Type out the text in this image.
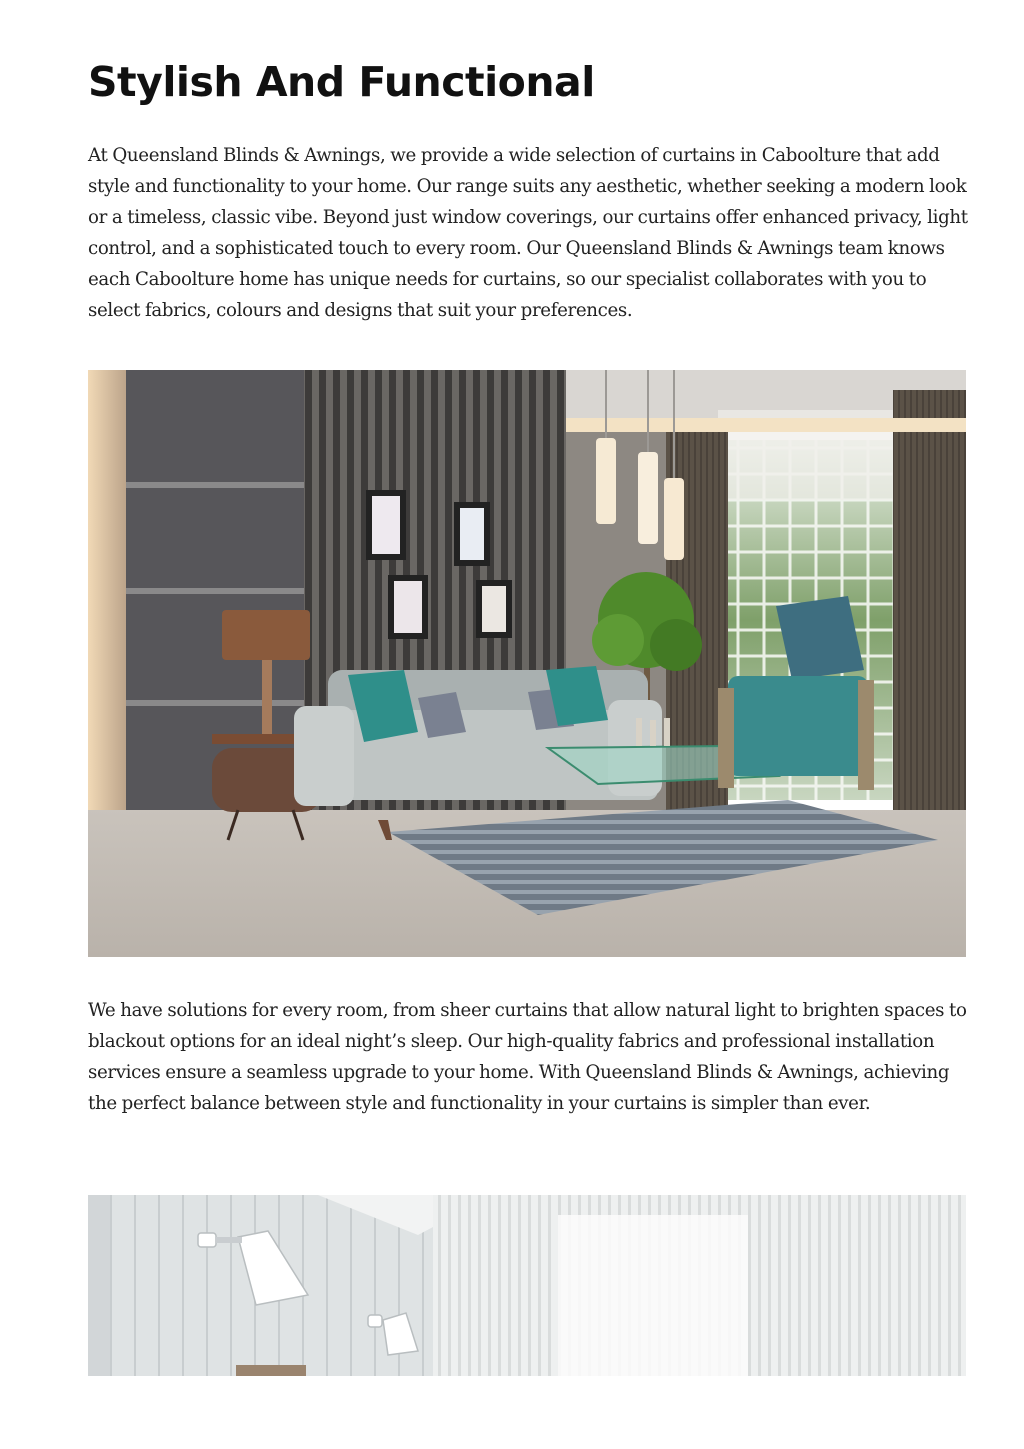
Stylish And Functional

At Queensland Blinds & Awnings, we provide a wide selection of curtains in Caboolture that add style and functionality to your home. Our range suits any aesthetic, whether seeking a modern look or a timeless, classic vibe. Beyond just window coverings, our curtains offer enhanced privacy, light control, and a sophisticated touch to every room. Our Queensland Blinds & Awnings team knows each Caboolture home has unique needs for curtains, so our specialist collaborates with you to select fabrics, colours and designs that suit your preferences.

We have solutions for every room, from sheer curtains that allow natural light to brighten spaces to blackout options for an ideal night’s sleep. Our high-quality fabrics and professional installation services ensure a seamless upgrade to your home. With Queensland Blinds & Awnings, achieving the perfect balance between style and functionality in your curtains is simpler than ever.
